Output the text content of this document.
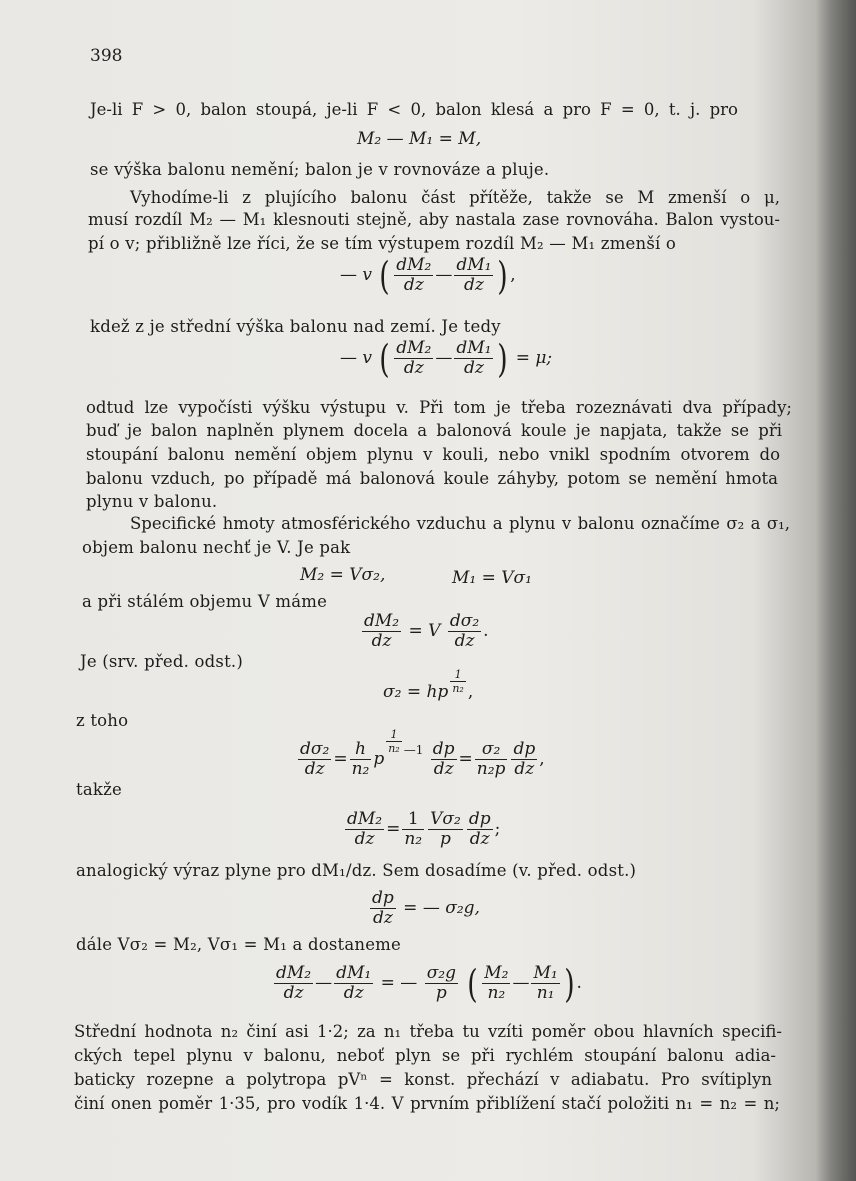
398
Je-li F > 0, balon stoupá, je-li F < 0, balon klesá a pro F = 0, t. j. pro
M₂ — M₁ = M,
se výška balonu nemění; balon je v rovnováze a pluje.
Vyhodíme-li z plujícího balonu část přítěže, takže se M zmenší o μ,
musí rozdíl M₂ — M₁ klesnouti stejně, aby nastala zase rovnováha. Balon vystou-
pí o v; přibližně lze říci, že se tím výstupem rozdíl M₂ — M₁ zmenší o
— v ( $\frac{\text{dM₂}}{dz}$ — $\frac{\text{dM₁}}{dz}$ ) ,
kdež z je střední výška balonu nad zemí. Je tedy
— v ( $\frac{\text{dM₂}}{dz}$ — $\frac{\text{dM₁}}{dz}$ ) = μ;
odtud lze vypočísti výšku výstupu v. Při tom je třeba rozeznávati dva případy;
buď je balon naplněn plynem docela a balonová koule je napjata, takže se při
stoupání balonu nemění objem plynu v kouli, nebo vnikl spodním otvorem do
balonu vzduch, po případě má balonová koule záhyby, potom se nemění hmota
plynu v balonu.
Specifické hmoty atmosférického vzduchu a plynu v balonu označíme σ₂ a σ₁,
objem balonu nechť je V. Je pak
M₂ = Vσ₂,	M₁ = Vσ₁
a při stálém objemu V máme
$\frac{\text{dM₂}}{dz} = V \frac{\text{dσ₂}}{dz}$ .
Je (srv. před. odst.)
σ₂ = hp $\frac{1}{\text{n₂}}$ ,
z toho
$\frac{\text{dσ₂}}{dz} = \frac{h}{\text{n₂}}$ p
$\frac{1}{\text{n₂}} ^{—1} \frac{dp}{dz} = \frac{\text{σ₂}}{\text{n₂p}} \frac{dp}{dz}$ ,
takže
$\frac{\text{dM₂}}{dz} = \frac{1}{\text{n₂}} \frac{\text{Vσ₂}}{p} \frac{dp}{dz}$ ;
analogický výraz plyne pro dM₁/dz. Sem dosadíme (v. před. odst.)
$\frac{dp}{dz}$ = — σ₂g,
dále Vσ₂ = M₂, Vσ₁ = M₁ a dostaneme
$\frac{\text{dM₂}}{dz}$ — $\frac{\text{dM₁}}{dz}$ = — $\frac{\text{σ₂g}}{p}$ ( $\frac{\text{M₂}}{\text{n₂}}$ — $\frac{\text{M₁}}{\text{n₁}}$ ) .
Střední hodnota n₂ činí asi 1·2; za n₁ třeba tu vzíti poměr obou hlavních specifi-
ckých tepel plynu v balonu, neboť plyn se při rychlém stoupání balonu adia-
baticky rozepne a polytropa pVⁿ = konst. přechází v adiabatu. Pro svítiplyn
činí onen poměr 1·35, pro vodík 1·4. V prvním přiblížení stačí položiti n₁ = n₂ = n;
